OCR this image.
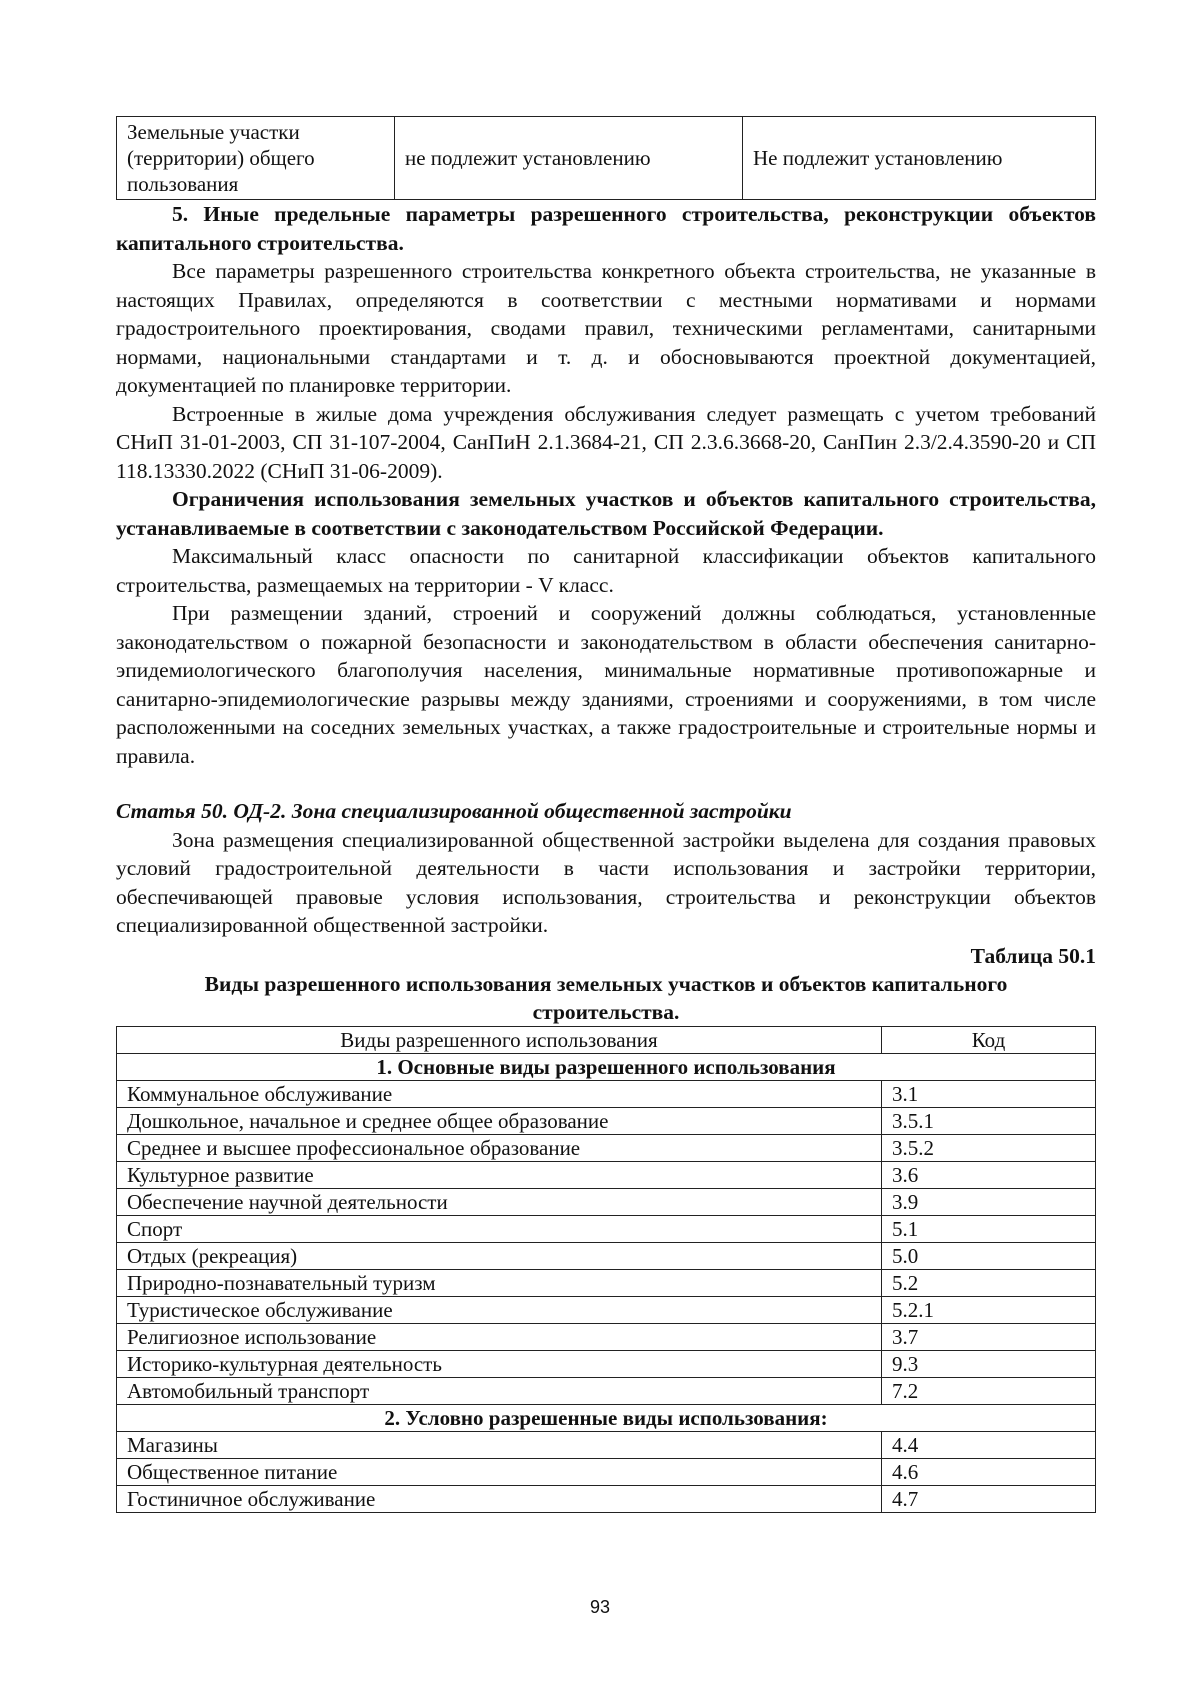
Земельные участки (территории) общего пользования	не подлежит установлению	Не подлежит установлению

5. Иные предельные параметры разрешенного строительства, реконструкции объектов капитального строительства.

Все параметры разрешенного строительства конкретного объекта строительства, не указанные в настоящих Правилах, определяются в соответствии с местными нормативами и нормами градостроительного проектирования, сводами правил, техническими регламентами, санитарными нормами, национальными стандартами и т. д. и обосновываются проектной документацией, документацией по планировке территории.

Встроенные в жилые дома учреждения обслуживания следует размещать с учетом требований СНиП 31-01-2003, СП 31-107-2004, СанПиН 2.1.3684-21, СП 2.3.6.3668-20, СанПин 2.3/2.4.3590-20 и СП 118.13330.2022 (СНиП 31-06-2009).

Ограничения использования земельных участков и объектов капитального строительства, устанавливаемые в соответствии с законодательством Российской Федерации.

Максимальный класс опасности по санитарной классификации объектов капитального строительства, размещаемых на территории - V класс.

При размещении зданий, строений и сооружений должны соблюдаться, установленные законодательством о пожарной безопасности и законодательством в области обеспечения санитарно-эпидемиологического благополучия населения, минимальные нормативные противопожарные и санитарно-эпидемиологические разрывы между зданиями, строениями и сооружениями, в том числе расположенными на соседних земельных участках, а также градостроительные и строительные нормы и правила.

Статья 50. ОД-2. Зона специализированной общественной застройки

Зона размещения специализированной общественной застройки выделена для создания правовых условий градостроительной деятельности в части использования и застройки территории, обеспечивающей правовые условия использования, строительства и реконструкции объектов специализированной общественной застройки.

Таблица 50.1

Виды разрешенного использования земельных участков и объектов капитального строительства.

Виды разрешенного использования	Код
1. Основные виды разрешенного использования	
Коммунальное обслуживание	3.1
Дошкольное, начальное и среднее общее образование	3.5.1
Среднее и высшее профессиональное образование	3.5.2
Культурное развитие	3.6
Обеспечение научной деятельности	3.9
Спорт	5.1
Отдых (рекреация)	5.0
Природно-познавательный туризм	5.2
Туристическое обслуживание	5.2.1
Религиозное использование	3.7
Историко-культурная деятельность	9.3
Автомобильный транспорт	7.2
2. Условно разрешенные виды использования:	
Магазины	4.4
Общественное питание	4.6
Гостиничное обслуживание	4.7
93
